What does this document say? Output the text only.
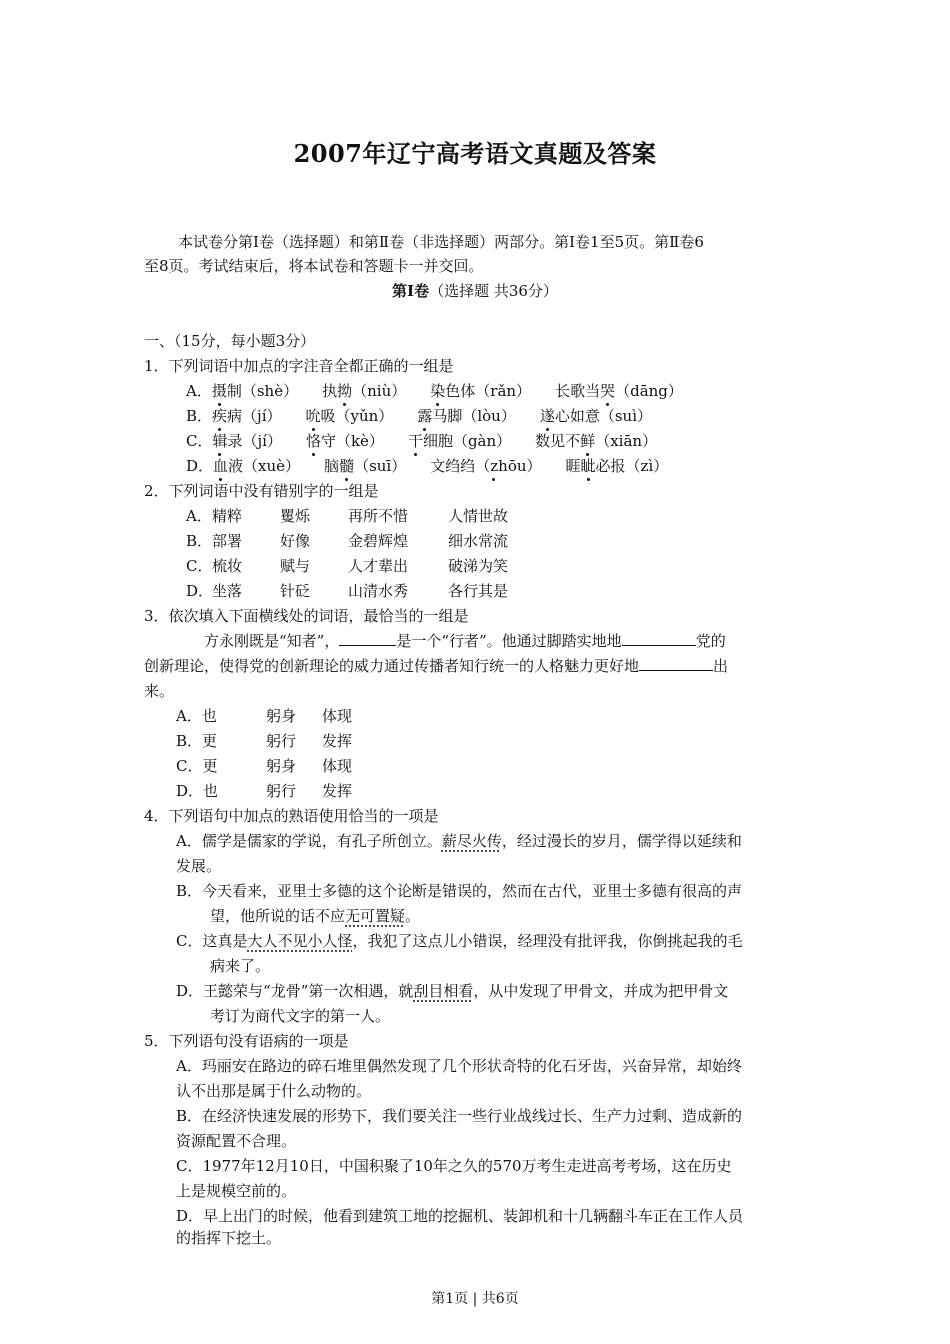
2007年辽宁高考语文真题及答案
本试卷分第Ⅰ卷（选择题）和第Ⅱ卷（非选择题）两部分。第Ⅰ卷1至5页。第Ⅱ卷6
至8页。考试结束后，将本试卷和答题卡一并交回。
第Ⅰ卷（选择题 共36分）
一、（15分，每小题3分）
1．下列词语中加点的字注音全都正确的一组是
A．摄制（shè） 执拗（niù） 染色体（rǎn） 长歌当哭（dāng）
B．疾病（jí） 吮吸（yǔn） 露马脚（lòu） 遂心如意（suì）
C．辑录（jí） 恪守（kè） 干细胞（gàn） 数见不鲜（xiān）
D．血液（xuè） 脑髓（suī） 文绉绉（zhōu） 睚眦必报（zì）
2．下列词语中没有错别字的一组是
A．精粹	矍烁	再所不惜	人情世故
B．部署	好像	金碧辉煌	细水常流
C．梳妆	赋与	人才辈出	破涕为笑
D．坐落	针砭	山清水秀	各行其是
3．依次填入下面横线处的词语，最恰当的一组是
方永刚既是“知者”，	是一个“行者”。他通过脚踏实地地	党的
创新理论，使得党的创新理论的威力通过传播者知行统一的人格魅力更好地	出
来。
A．也	躬身 体现
B．更	躬行 发挥
C．更	躬身 体现
D．也	躬行 发挥
4．下列语句中加点的熟语使用恰当的一项是
A．儒学是儒家的学说，有孔子所创立。薪尽火传，经过漫长的岁月，儒学得以延续和
发展。
B．今天看来，亚里士多德的这个论断是错误的，然而在古代，亚里士多德有很高的声
望，他所说的话不应无可置疑。
C．这真是大人不见小人怪，我犯了这点儿小错误，经理没有批评我，你倒挑起我的毛
病来了。
D．王懿荣与“龙骨”第一次相遇，就刮目相看，从中发现了甲骨文，并成为把甲骨文
考订为商代文字的第一人。
5．下列语句没有语病的一项是
A．玛丽安在路边的碎石堆里偶然发现了几个形状奇特的化石牙齿，兴奋异常，却始终
认不出那是属于什么动物的。
B．在经济快速发展的形势下，我们要关注一些行业战线过长、生产力过剩、造成新的
资源配置不合理。
C．1977年12月10日，中国积聚了10年之久的570万考生走进高考考场，这在历史
上是规模空前的。
D．早上出门的时候，他看到建筑工地的挖掘机、装卸机和十几辆翻斗车正在工作人员
的指挥下挖土。
第1页 | 共6页
